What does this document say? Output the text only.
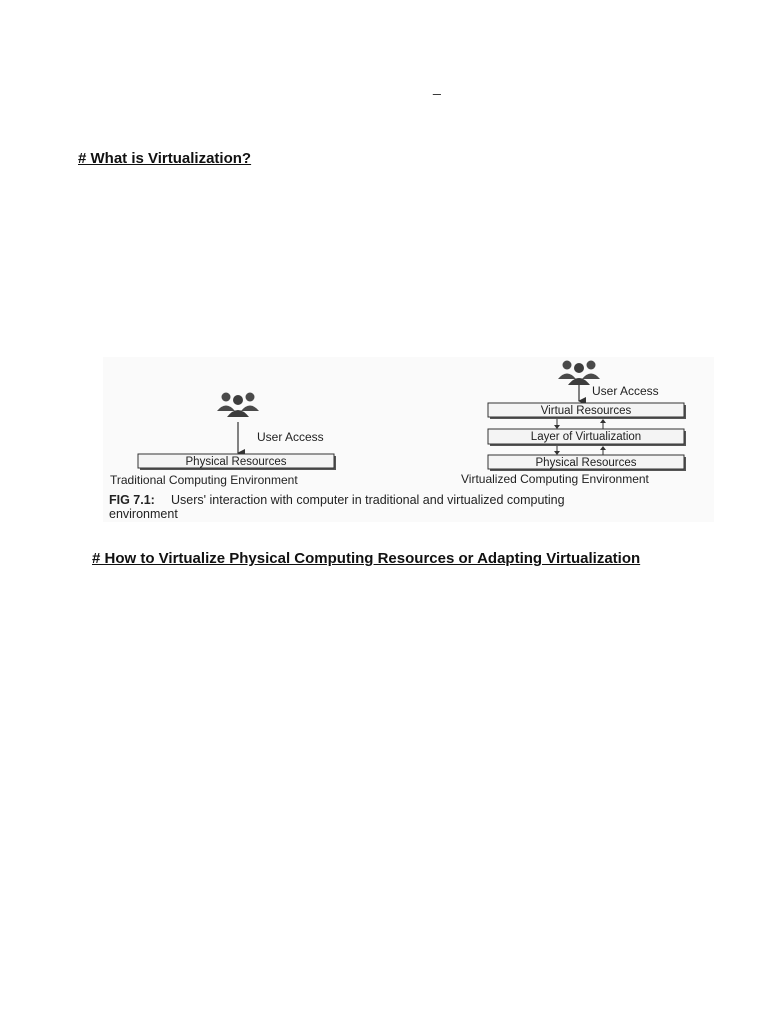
_
# What is Virtualization?
User Access
Physical Resources
Traditional Computing Environment
User Access
Virtual Resources
Layer of Virtualization
Physical Resources
Virtualized Computing Environment
FIG 7.1: Users' interaction with computer in traditional and virtualized computing
environment
# How to Virtualize Physical Computing Resources or Adapting Virtualization
